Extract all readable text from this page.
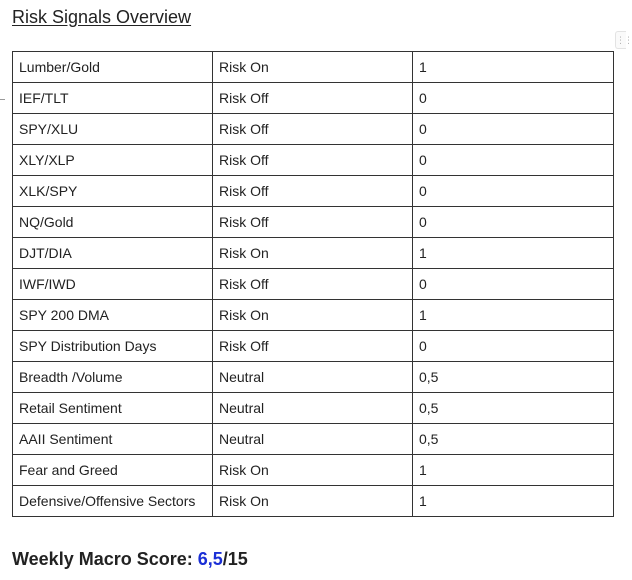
Risk Signals Overview
⋮⋮
Lumber/Gold	Risk On	1
IEF/TLT	Risk Off	0
SPY/XLU	Risk Off	0
XLY/XLP	Risk Off	0
XLK/SPY	Risk Off	0
NQ/Gold	Risk Off	0
DJT/DIA	Risk On	1
IWF/IWD	Risk Off	0
SPY 200 DMA	Risk On	1
SPY Distribution Days	Risk Off	0
Breadth /Volume	Neutral	0,5
Retail Sentiment	Neutral	0,5
AAII Sentiment	Neutral	0,5
Fear and Greed	Risk On	1
Defensive/Offensive Sectors	Risk On	1
Weekly Macro Score: 6,5/15
